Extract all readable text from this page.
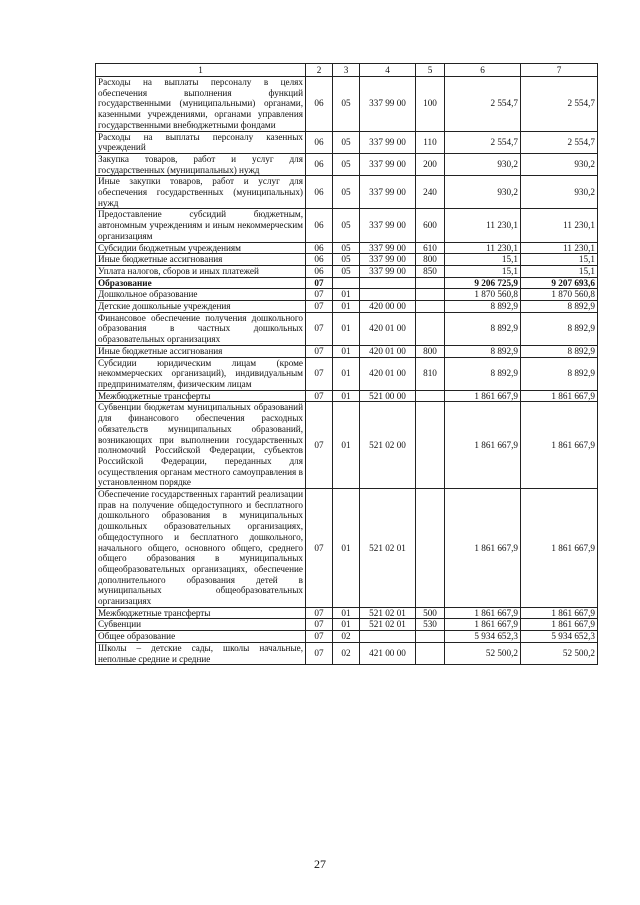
1	2	3	4	5	6	7
Расходы на выплаты персоналу в целях обеспечения выполнения функций государственными (муниципальными) органами, казенными учреждениями, органами управления государственными внебюджетными фондами	06	05	337 99 00	100	2 554,7	2 554,7
Расходы на выплаты персоналу казенных учреждений	06	05	337 99 00	110	2 554,7	2 554,7
Закупка товаров, работ и услуг для государственных (муниципальных) нужд	06	05	337 99 00	200	930,2	930,2
Иные закупки товаров, работ и услуг для обеспечения государственных (муниципальных) нужд	06	05	337 99 00	240	930,2	930,2
Предоставление субсидий бюджетным, автономным учреждениям и иным некоммерческим организациям	06	05	337 99 00	600	11 230,1	11 230,1
Субсидии бюджетным учреждениям	06	05	337 99 00	610	11 230,1	11 230,1
Иные бюджетные ассигнования	06	05	337 99 00	800	15,1	15,1
Уплата налогов, сборов и иных платежей	06	05	337 99 00	850	15,1	15,1
Образование	07				9 206 725,9	9 207 693,6
Дошкольное образование	07	01			1 870 560,8	1 870 560,8
Детские дошкольные учреждения	07	01	420 00 00		8 892,9	8 892,9
Финансовое обеспечение получения дошкольного образования в частных дошкольных образовательных организациях	07	01	420 01 00		8 892,9	8 892,9
Иные бюджетные ассигнования	07	01	420 01 00	800	8 892,9	8 892,9
Субсидии юридическим лицам (кроме некоммерческих организаций), индивидуальным предпринимателям, физическим лицам	07	01	420 01 00	810	8 892,9	8 892,9
Межбюджетные трансферты	07	01	521 00 00		1 861 667,9	1 861 667,9
Субвенции бюджетам муниципальных образований для финансового обеспечения расходных обязательств муниципальных образований, возникающих при выполнении государственных полномочий Российской Федерации, субъектов Российской Федерации, переданных для осуществления органам местного самоуправления в установленном порядке	07	01	521 02 00		1 861 667,9	1 861 667,9
Обеспечение государственных гарантий реализации прав на получение общедоступного и бесплатного дошкольного образования в муниципальных дошкольных образовательных организациях, общедоступного и бесплатного дошкольного, начального общего, основного общего, среднего общего образования в муниципальных общеобразовательных организациях, обеспечение дополнительного образования детей в муниципальных общеобразовательных организациях	07	01	521 02 01		1 861 667,9	1 861 667,9
Межбюджетные трансферты	07	01	521 02 01	500	1 861 667,9	1 861 667,9
Субвенции	07	01	521 02 01	530	1 861 667,9	1 861 667,9
Общее образование	07	02			5 934 652,3	5 934 652,3
Школы – детские сады, школы начальные, неполные средние и средние	07	02	421 00 00		52 500,2	52 500,2
27
